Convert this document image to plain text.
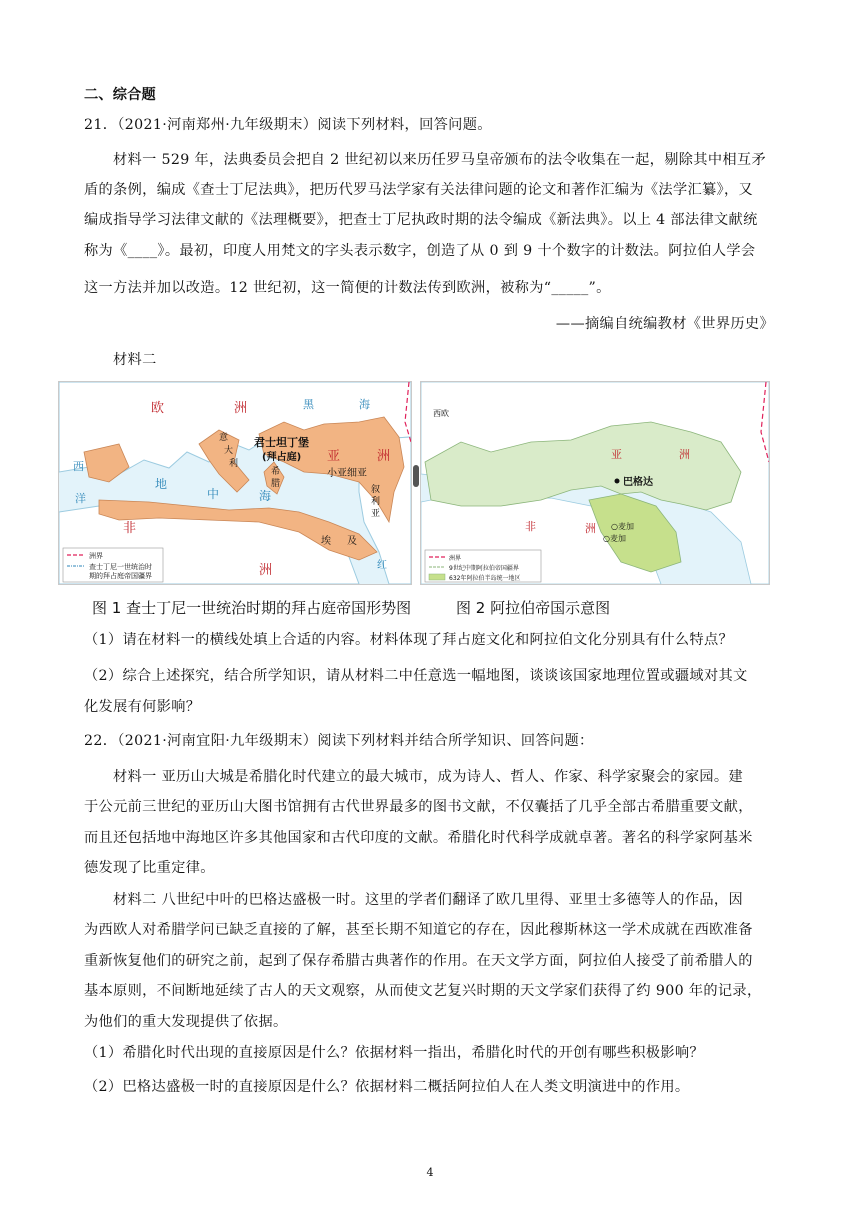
二、综合题
21．（2021·河南郑州·九年级期末）阅读下列材料，回答问题。
材料一 529 年，法典委员会把自 2 世纪初以来历任罗马皇帝颁布的法令收集在一起，剔除其中相互矛
盾的条例，编成《查士丁尼法典》，把历代罗马法学家有关法律问题的论文和著作汇编为《法学汇纂》，又
编成指导学习法律文献的《法理概要》，把查士丁尼执政时期的法令编成《新法典》。以上 4 部法律文献统
称为《____》。最初，印度人用梵文的字头表示数字，创造了从 0 到 9 十个数字的计数法。阿拉伯人学会
这一方法并加以改造。12 世纪初，这一简便的计数法传到欧洲，被称为“_____”。
——摘编自统编教材《世界历史》
材料二
欧	洲	黑	海
君士坦丁堡
(拜占庭) 亚	洲
小亚细亚
意
大
利
希
腊
叙
利
亚
西
洋
地
中	海
非
洲
埃 及
红
洲界
查士丁尼一世统治时
期的拜占庭帝国疆界
亚	洲
巴格达
○麦加
○麦加
非	洲
西欧
洲界
9世纪中期阿拉伯帝国疆界
632年阿拉伯半岛统一地区
图 1 查士丁尼一世统治时期的拜占庭帝国形势图	图 2 阿拉伯帝国示意图
（1）请在材料一的横线处填上合适的内容。材料体现了拜占庭文化和阿拉伯文化分别具有什么特点？
（2）综合上述探究，结合所学知识，请从材料二中任意选一幅地图，谈谈该国家地理位置或疆域对其文
化发展有何影响？
22．（2021·河南宜阳·九年级期末）阅读下列材料并结合所学知识、回答问题：
材料一 亚历山大城是希腊化时代建立的最大城市，成为诗人、哲人、作家、科学家聚会的家园。建
于公元前三世纪的亚历山大图书馆拥有古代世界最多的图书文献，不仅囊括了几乎全部古希腊重要文献，
而且还包括地中海地区许多其他国家和古代印度的文献。希腊化时代科学成就卓著。著名的科学家阿基米
德发现了比重定律。
材料二 八世纪中叶的巴格达盛极一时。这里的学者们翻译了欧几里得、亚里士多德等人的作品，因
为西欧人对希腊学问已缺乏直接的了解，甚至长期不知道它的存在，因此穆斯林这一学术成就在西欧准备
重新恢复他们的研究之前，起到了保存希腊古典著作的作用。在天文学方面，阿拉伯人接受了前希腊人的
基本原则，不间断地延续了古人的天文观察，从而使文艺复兴时期的天文学家们获得了约 900 年的记录，
为他们的重大发现提供了依据。
（1）希腊化时代出现的直接原因是什么？依据材料一指出，希腊化时代的开创有哪些积极影响？
（2）巴格达盛极一时的直接原因是什么？依据材料二概括阿拉伯人在人类文明演进中的作用。
4
